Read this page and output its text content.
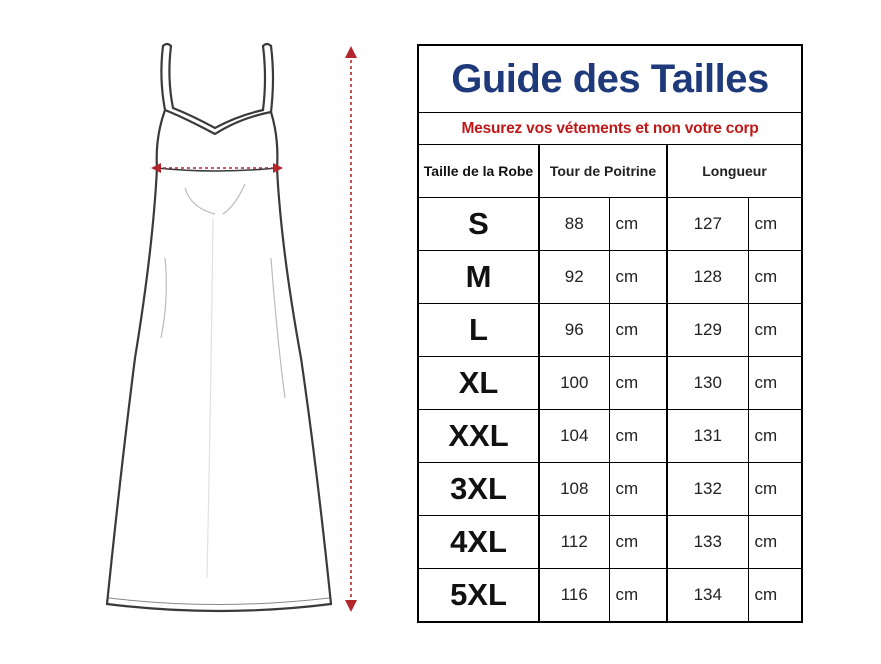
Guide des Tailles				
Mesurez vos vétements et non votre corp				
Taille de la Robe	Tour de Poitrine		Longueur	
S	88	cm	127	cm
M	92	cm	128	cm
L	96	cm	129	cm
XL	100	cm	130	cm
XXL	104	cm	131	cm
3XL	108	cm	132	cm
4XL	112	cm	133	cm
5XL	116	cm	134	cm
